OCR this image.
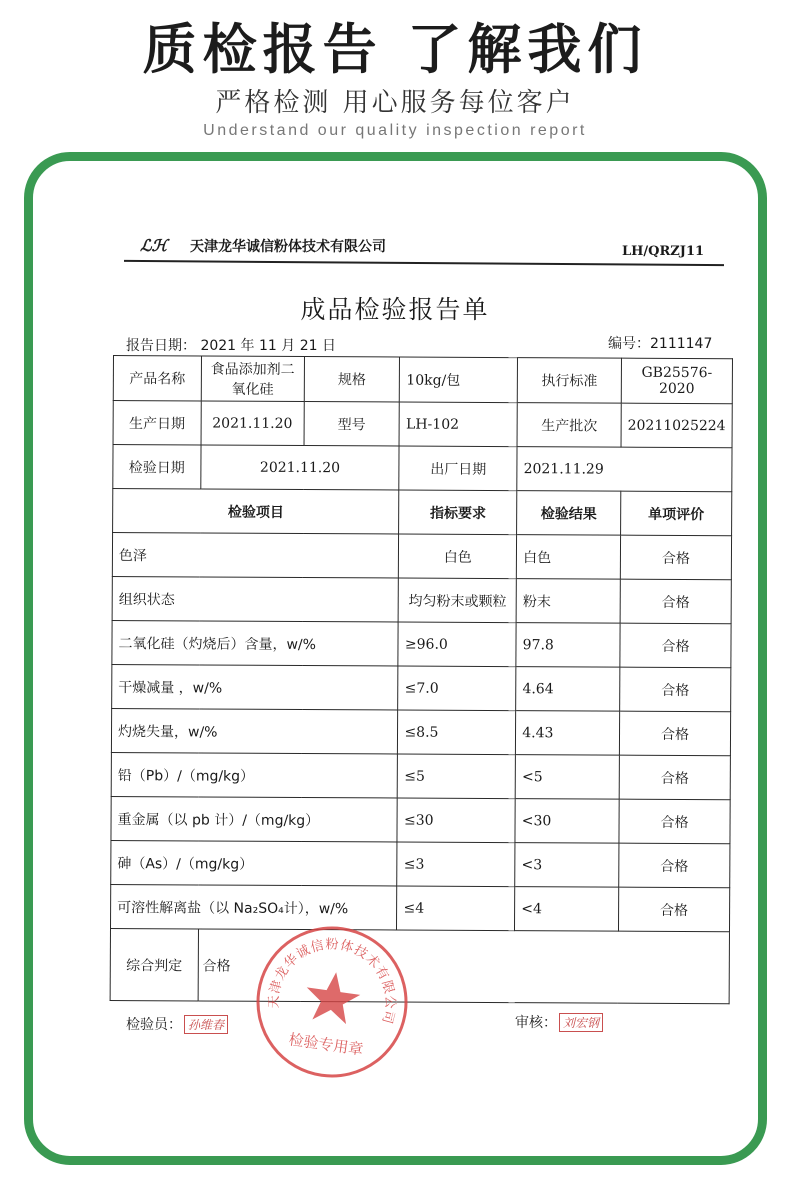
质检报告 了解我们
严格检测 用心服务每位客户
Understand our quality inspection report
ℒℋ	天津龙华诚信粉体技术有限公司	LH/QRZJ11
成品检验报告单
报告日期： 2021 年 11 月 21 日	编号：2111147
产品名称	食品添加剂二氧化硅	规格	10kg/包	执行标准	GB25576-2020
生产日期	2021.11.20	型号	LH-102	生产批次	20211025224
检验日期	2021.11.20		出厂日期	2021.11.29	
检验项目			指标要求	检验结果	单项评价
色泽			白色	白色	合格
组织状态			均匀粉末或颗粒	粉末	合格
二氧化硅（灼烧后）含量，w/%			≥96.0	97.8	合格
干燥减量 ，w/%			≤7.0	4.64	合格
灼烧失量，w/%			≤8.5	4.43	合格
铅（Pb）/（mg/kg）			≤5	<5	合格
重金属（以 pb 计）/（mg/kg）			≤30	<30	合格
砷（As）/（mg/kg）			≤3	<3	合格
可溶性解离盐（以 Na₂SO₄计），w/%			≤4	<4	合格
综合判定	合格				
检验员： 孙维春	审核： 刘宏钢
天津龙华诚信粉体技术有限公司
检验专用章
